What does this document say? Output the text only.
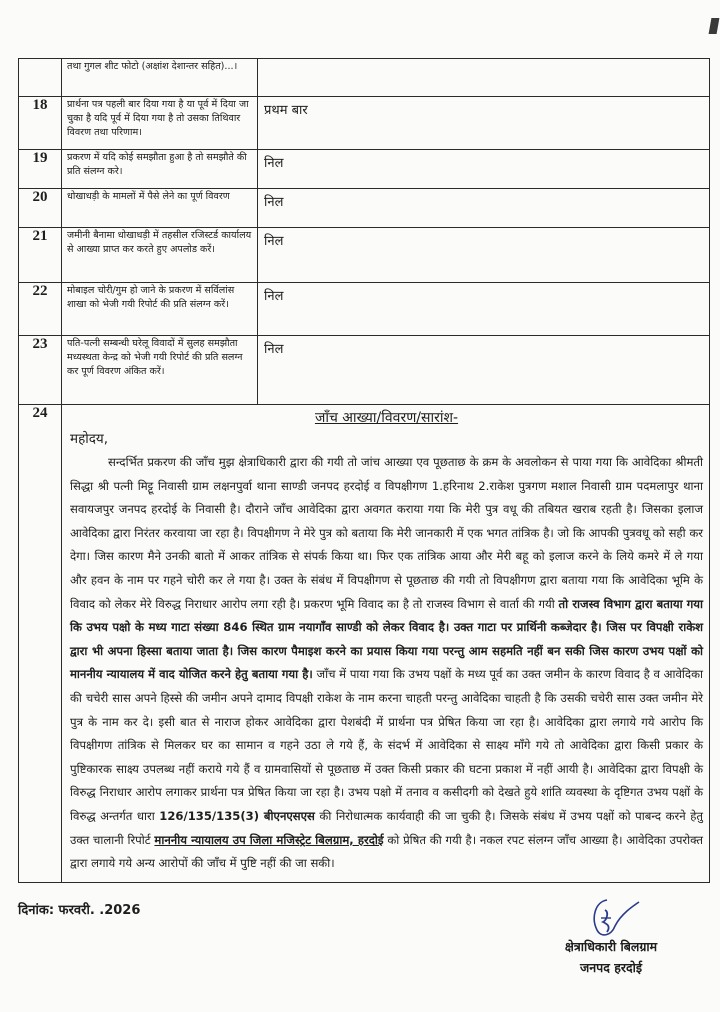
	तथा गुगल शीट फोटो (अक्षांश देशान्तर सहित)...।	
18	प्रार्थना पत्र पहली बार दिया गया है या पूर्व में दिया जा चुका है यदि पूर्व में दिया गया है तो उसका तिथिवार विवरण तथा परिणाम।	प्रथम बार
19	प्रकरण में यदि कोई समझौता हुआ है तो समझौते की प्रति संलग्न करे।	निल
20	धोखाधड़ी के मामलों में पैसे लेने का पूर्ण विवरण	निल
21	जमीनी बैनामा धोखाधड़ी में तहसील रजिस्टर्ड कार्यालय से आख्या प्राप्त कर करते हुए अपलोड करें।	निल
22	मोबाइल चोरी/गुम हो जाने के प्रकरण में सर्विलांस शाखा को भेजी गयी रिपोर्ट की प्रति संलग्न करें।	निल
23	पति-पत्नी सम्बन्धी घरेलू विवादों में सुलह समझौता मध्यस्थता केन्द्र को भेजी गयी रिपोर्ट की प्रति सलग्न कर पूर्ण विवरण अंकित करें।	निल
24	जाँच आख्या/विवरण/सारांश-
महोदय,

सन्दर्भित प्रकरण की जाँच मुझ क्षेत्राधिकारी द्वारा की गयी तो जांच आख्या एव पूछताछ के क्रम के अवलोकन से पाया गया कि आवेदिका श्रीमती सिद्धा श्री पत्नी मिट्टू निवासी ग्राम लक्षनपुर्वा थाना साण्डी जनपद हरदोई व विपक्षीगण 1.हरिनाथ 2.राकेश पुत्रगण मशाल निवासी ग्राम पदमलापुर थाना सवायजपुर जनपद हरदोई के निवासी है। दौराने जाँच आवेदिका द्वारा अवगत कराया गया कि मेरी पुत्र वधू की तबियत खराब रहती है। जिसका इलाज आवेदिका द्वारा निरंतर करवाया जा रहा है। विपक्षीगण ने मेरे पुत्र को बताया कि मेरी जानकारी में एक भगत तांत्रिक है। जो कि आपकी पुत्रवधू को सही कर देगा। जिस कारण मैने उनकी बातो में आकर तांत्रिक से संपर्क किया था। फिर एक तांत्रिक आया और मेरी बहू को इलाज करने के लिये कमरे में ले गया और हवन के नाम पर गहने चोरी कर ले गया है। उक्त के संबंध में विपक्षीगण से पूछताछ की गयी तो विपक्षीगण द्वारा बताया गया कि आवेदिका भूमि के विवाद को लेकर मेरे विरुद्ध निराधार आरोप लगा रही है। प्रकरण भूमि विवाद का है तो राजस्व विभाग से वार्ता की गयी तो राजस्व विभाग द्वारा बताया गया कि उभय पक्षो के मध्य गाटा संख्या 846 स्थित ग्राम नयागाँव साण्डी को लेकर विवाद है। उक्त गाटा पर प्रार्थिनी कब्जेदार है। जिस पर विपक्षी राकेश द्वारा भी अपना हिस्सा बताया जाता है। जिस कारण पैमाइश करने का प्रयास किया गया परन्तु आम सहमति नहीं बन सकी जिस कारण उभय पक्षों को माननीय न्यायालय में वाद योजित करने हेतु बताया गया है। जाँच में पाया गया कि उभय पक्षों के मध्य पूर्व का उक्त जमीन के कारण विवाद है व आवेदिका की चचेरी सास अपने हिस्से की जमीन अपने दामाद विपक्षी राकेश के नाम करना चाहती परन्तु आवेदिका चाहती है कि उसकी चचेरी सास उक्त जमीन मेरे पुत्र के नाम कर दे। इसी बात से नाराज होकर आवेदिका द्वारा पेशबंदी में प्रार्थना पत्र प्रेषित किया जा रहा है। आवेदिका द्वारा लगाये गये आरोप कि विपक्षीगण तांत्रिक से मिलकर घर का सामान व गहने उठा ले गये हैं, के संदर्भ में आवेदिका से साक्ष्य माँगे गये तो आवेदिका द्वारा किसी प्रकार के पुष्टिकारक साक्ष्य उपलब्ध नहीं कराये गये हैं व ग्रामवासियों से पूछताछ में उक्त किसी प्रकार की घटना प्रकाश में नहीं आयी है। आवेदिका द्वारा विपक्षी के विरुद्ध निराधार आरोप लगाकर प्रार्थना पत्र प्रेषित किया जा रहा है। उभय पक्षो में तनाव व कसीदगी को देखते हुये शांति व्यवस्था के दृष्टिगत उभय पक्षों के विरुद्ध अन्तर्गत धारा 126/135/135(3) बीएनएसएस की निरोधात्मक कार्यवाही की जा चुकी है। जिसके संबंध में उभय पक्षों को पाबन्द करने हेतु उक्त चालानी रिपोर्ट माननीय न्यायालय उप जिला मजिस्ट्रेट बिलग्राम, हरदोई को प्रेषित की गयी है। नकल रपट संलग्न जाँच आख्या है। आवेदिका उपरोक्त द्वारा लगाये गये अन्य आरोपों की जाँच में पुष्टि नहीं की जा सकी।	

दिनांक: फरवरी. .2026
क्षेत्राधिकारी बिलग्राम
जनपद हरदोई
